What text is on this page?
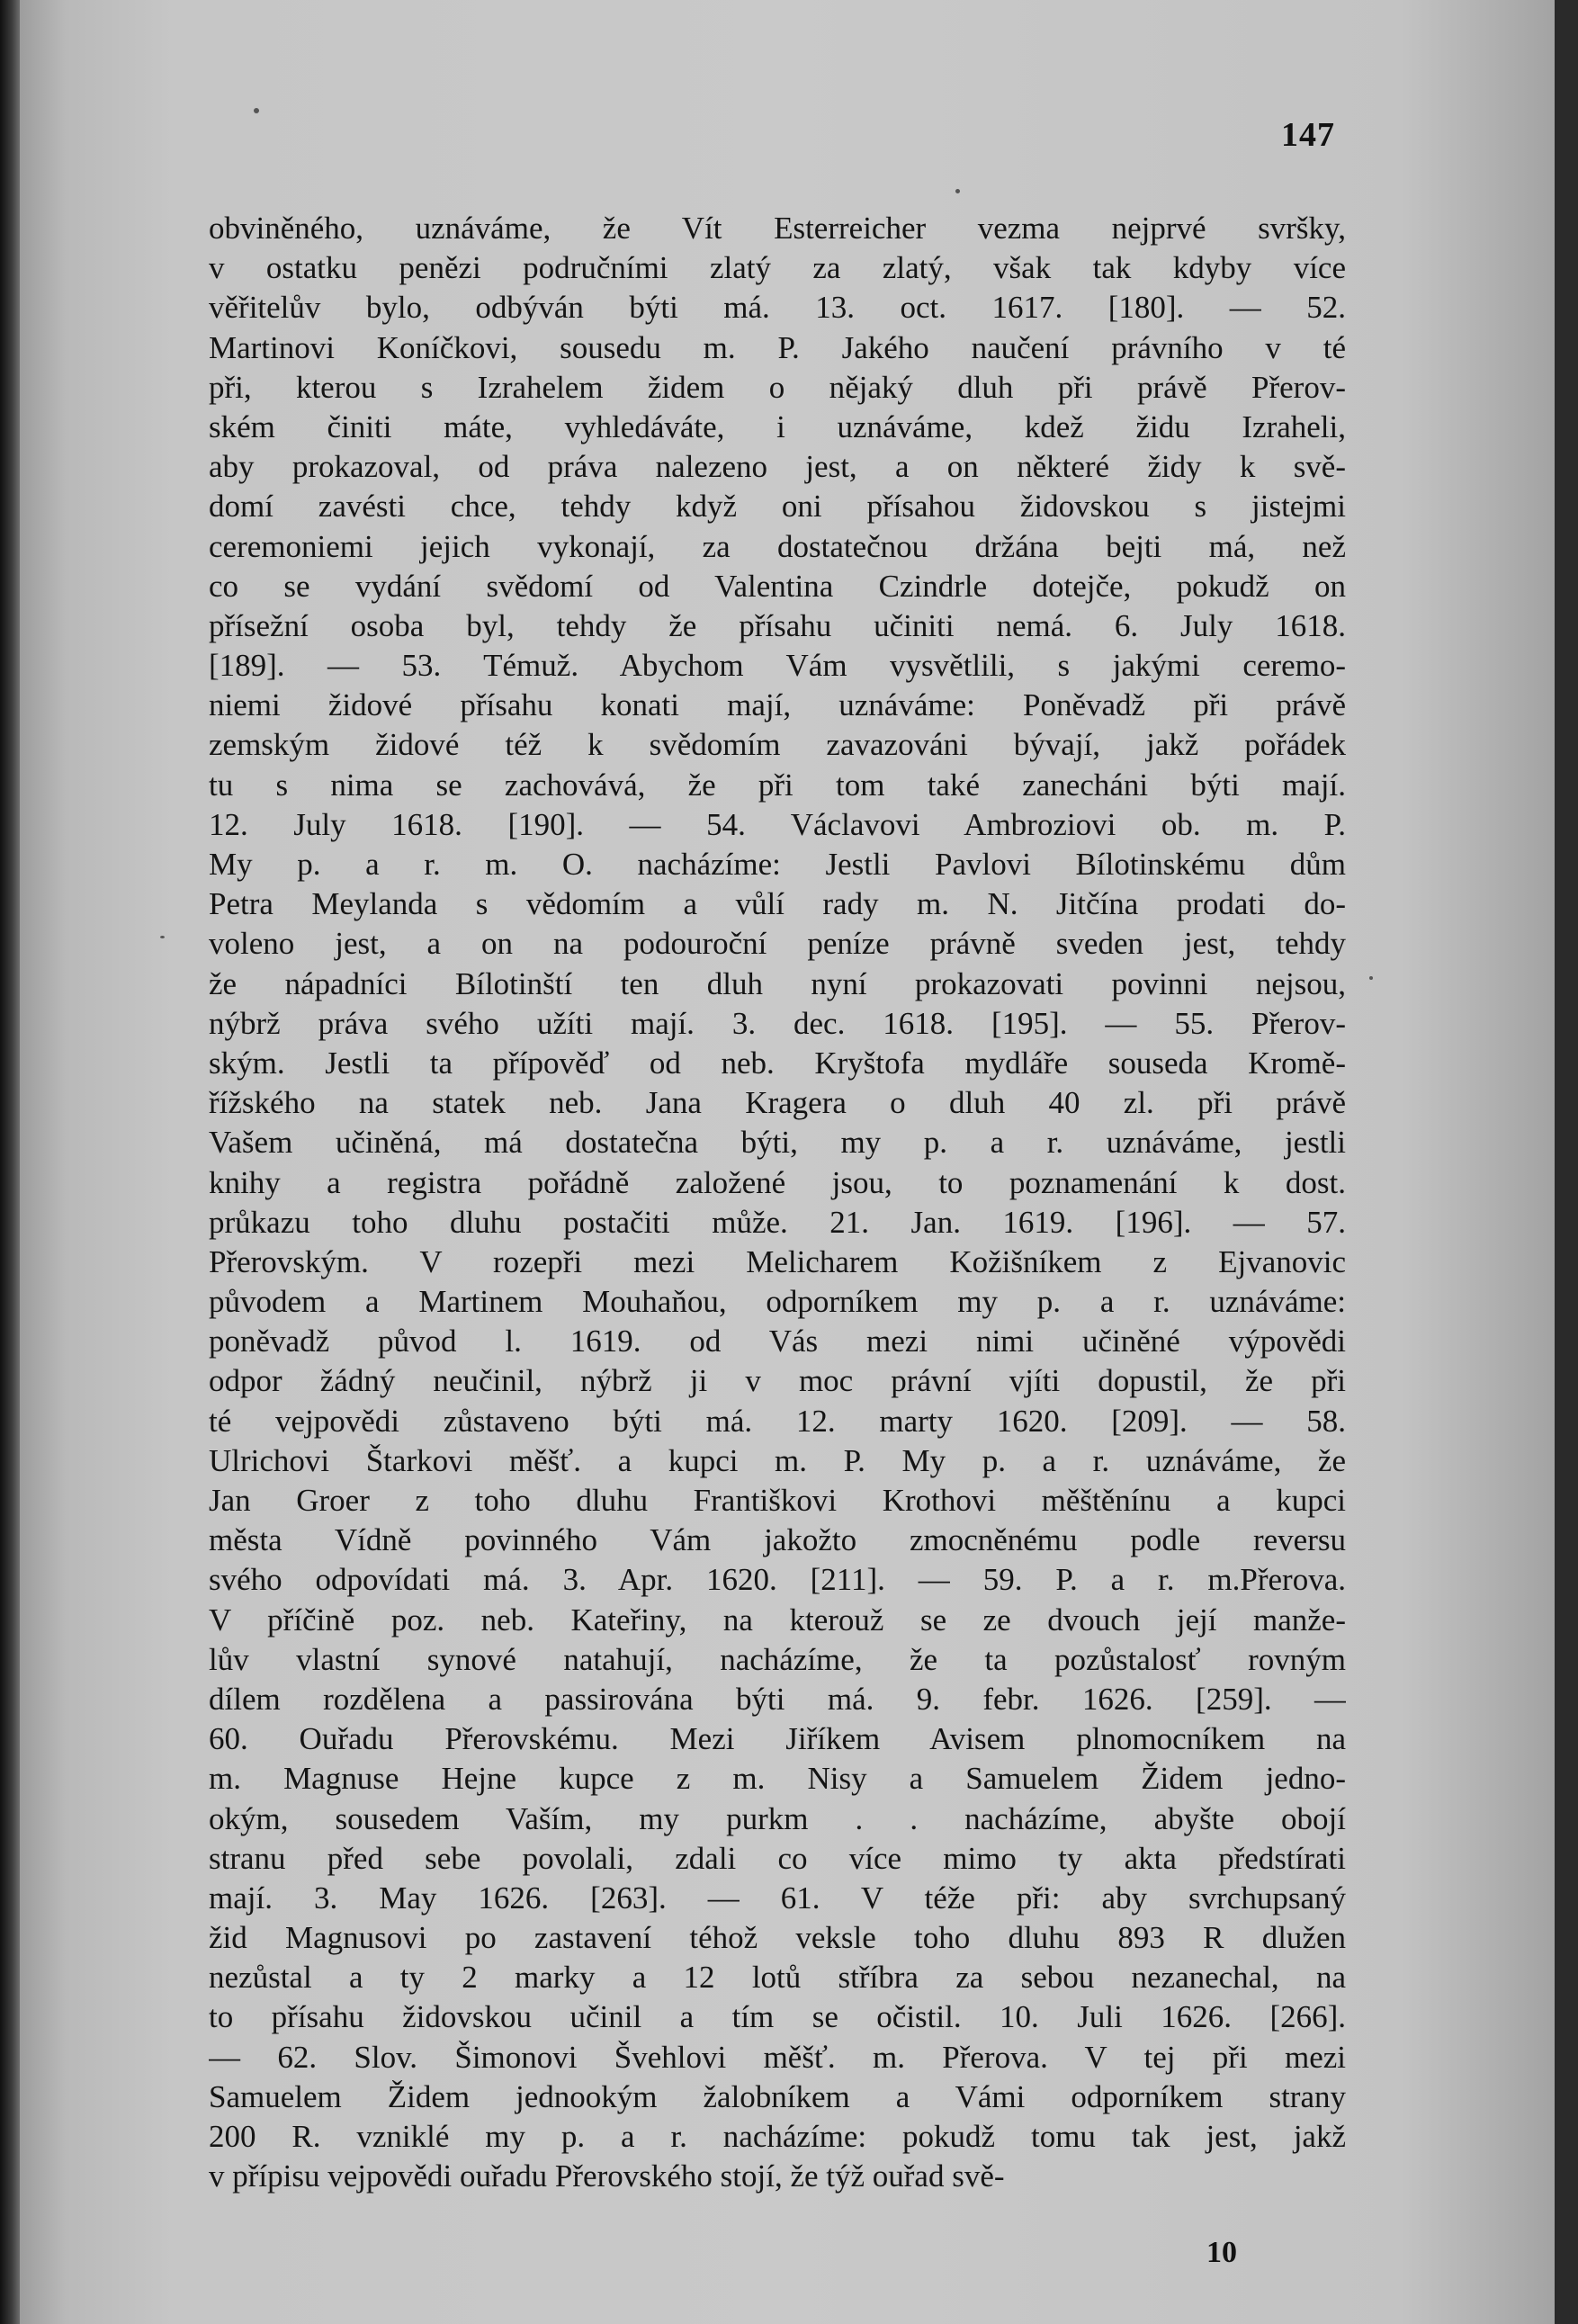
147
obviněného, uznáváme, že Vít Esterreicher vezma nejprvé svršky,
v ostatku penězi područními zlatý za zlatý, však tak kdyby více
věřitelův bylo, odbýván býti má. 13. oct. 1617. [180]. — 52.
Martinovi Koníčkovi, sousedu m. P. Jakého naučení právního v té
při, kterou s Izrahelem židem o nějaký dluh při právě Přerov-
ském činiti máte, vyhledáváte, i uznáváme, kdež židu Izraheli,
aby prokazoval, od práva nalezeno jest, a on některé židy k svě-
domí zavésti chce, tehdy když oni přísahou židovskou s jistejmi
ceremoniemi jejich vykonají, za dostatečnou držána bejti má, než
co se vydání svědomí od Valentina Czindrle dotejče, pokudž on
přísežní osoba byl, tehdy že přísahu učiniti nemá. 6. July 1618.
[189]. — 53. Témuž. Abychom Vám vysvětlili, s jakými ceremo-
niemi židové přísahu konati mají, uznáváme: Poněvadž při právě
zemským židové též k svědomím zavazováni bývají, jakž pořádek
tu s nima se zachovává, že při tom také zanecháni býti mají.
12. July 1618. [190]. — 54. Václavovi Ambroziovi ob. m. P.
My p. a r. m. O. nacházíme: Jestli Pavlovi Bílotinskému dům
Petra Meylanda s vědomím a vůlí rady m. N. Jitčína prodati do-
voleno jest, a on na podouroční peníze právně sveden jest, tehdy
že nápadníci Bílotinští ten dluh nyní prokazovati povinni nejsou,
nýbrž práva svého užíti mají. 3. dec. 1618. [195]. — 55. Přerov-
ským. Jestli ta přípověď od neb. Kryštofa mydláře souseda Kromě-
řížského na statek neb. Jana Kragera o dluh 40 zl. při právě
Vašem učiněná, má dostatečna býti, my p. a r. uznáváme, jestli
knihy a registra pořádně založené jsou, to poznamenání k dost.
průkazu toho dluhu postačiti může. 21. Jan. 1619. [196]. — 57.
Přerovským. V rozepři mezi Melicharem Kožišníkem z Ejvanovic
původem a Martinem Mouhaňou, odporníkem my p. a r. uznáváme:
poněvadž původ l. 1619. od Vás mezi nimi učiněné výpovědi
odpor žádný neučinil, nýbrž ji v moc právní vjíti dopustil, že při
té vejpovědi zůstaveno býti má. 12. marty 1620. [209]. — 58.
Ulrichovi Štarkovi měšť. a kupci m. P. My p. a r. uznáváme, že
Jan Groer z toho dluhu Františkovi Krothovi měštěnínu a kupci
města Vídně povinného Vám jakožto zmocněnému podle reversu
svého odpovídati má. 3. Apr. 1620. [211]. — 59. P. a r. m.Přerova.
V příčině poz. neb. Kateřiny, na kterouž se ze dvouch její manže-
lův vlastní synové natahují, nacházíme, že ta pozůstalosť rovným
dílem rozdělena a passirována býti má. 9. febr. 1626. [259]. —
60. Ouřadu Přerovskému. Mezi Jiříkem Avisem plnomocníkem na
m. Magnuse Hejne kupce z m. Nisy a Samuelem Židem jedno-
okým, sousedem Vaším, my purkm . . nacházíme, abyšte obojí
stranu před sebe povolali, zdali co více mimo ty akta předstírati
mají. 3. May 1626. [263]. — 61. V téže při: aby svrchupsaný
žid Magnusovi po zastavení téhož veksle toho dluhu 893 R dlužen
nezůstal a ty 2 marky a 12 lotů stříbra za sebou nezanechal, na
to přísahu židovskou učinil a tím se očistil. 10. Juli 1626. [266].
— 62. Slov. Šimonovi Švehlovi měšť. m. Přerova. V tej při mezi
Samuelem Židem jednookým žalobníkem a Vámi odporníkem strany
200 R. vzniklé my p. a r. nacházíme: pokudž tomu tak jest, jakž
v přípisu vejpovědi ouřadu Přerovského stojí, že týž ouřad svě-
10
